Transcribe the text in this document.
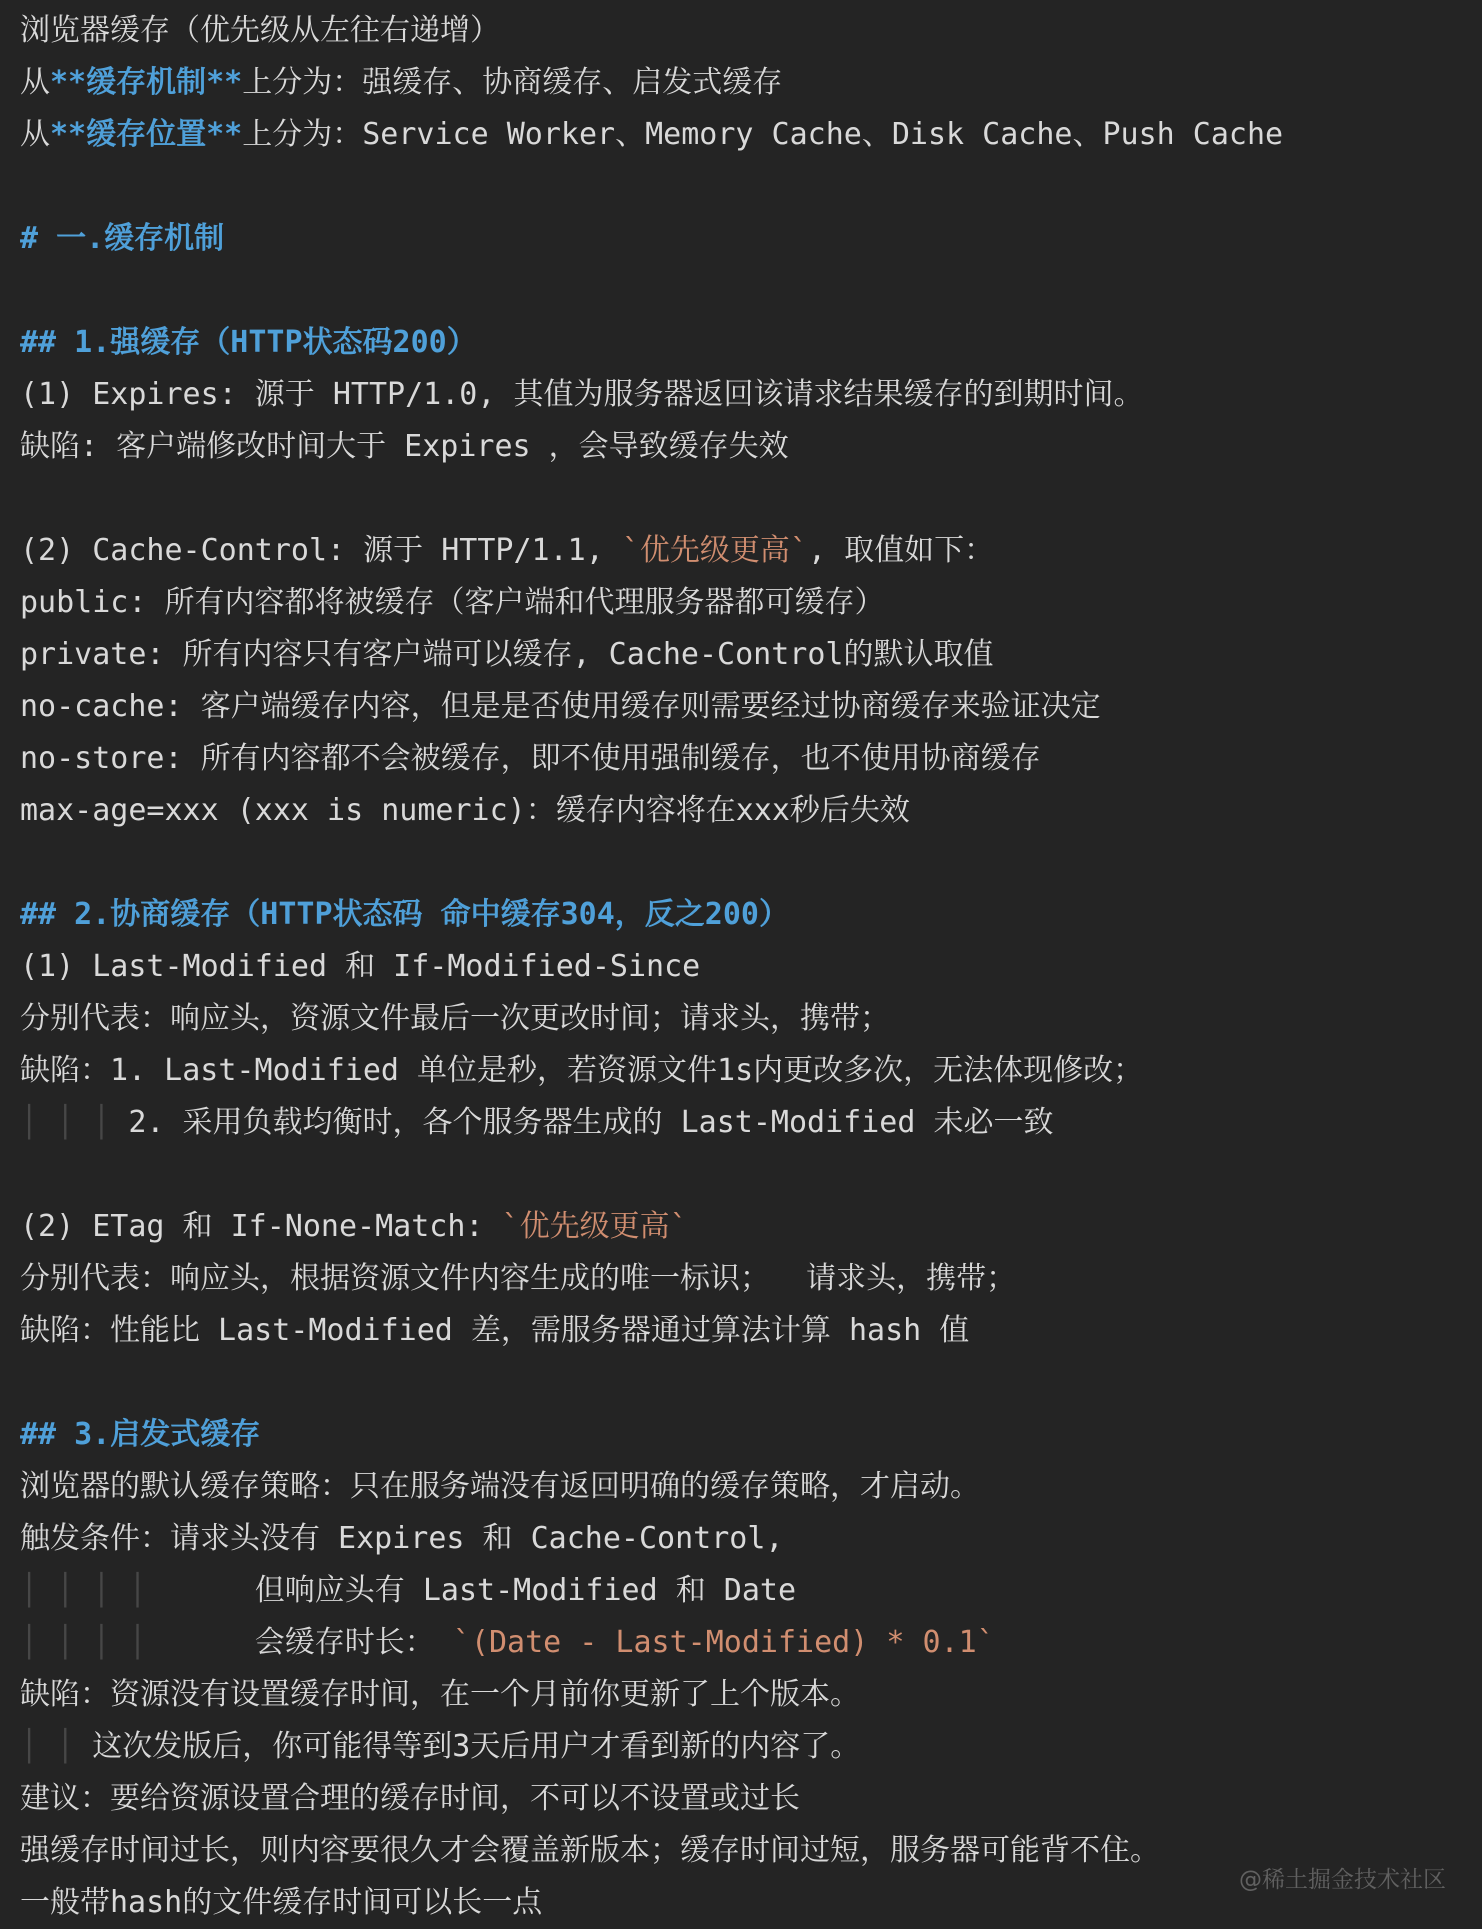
浏览器缓存（优先级从左往右递增）
从**缓存机制**上分为：强缓存、协商缓存、启发式缓存
从**缓存位置**上分为：Service Worker、Memory Cache、Disk Cache、Push Cache
# 一.缓存机制
## 1.强缓存（HTTP状态码200）
(1) Expires: 源于 HTTP/1.0, 其值为服务器返回该请求结果缓存的到期时间。
缺陷: 客户端修改时间大于 Expires ，会导致缓存失效
(2) Cache-Control: 源于 HTTP/1.1, `优先级更高`, 取值如下：
public: 所有内容都将被缓存（客户端和代理服务器都可缓存）
private: 所有内容只有客户端可以缓存, Cache-Control的默认取值
no-cache: 客户端缓存内容，但是是否使用缓存则需要经过协商缓存来验证决定
no-store: 所有内容都不会被缓存，即不使用强制缓存，也不使用协商缓存
max-age=xxx (xxx is numeric)：缓存内容将在xxx秒后失效
## 2.协商缓存（HTTP状态码 命中缓存304，反之200）
(1) Last-Modified 和 If-Modified-Since
分别代表：响应头，资源文件最后一次更改时间；请求头，携带；
缺陷：1. Last-Modified 单位是秒，若资源文件1s内更改多次，无法体现修改；
│ │ │ 2. 采用负载均衡时，各个服务器生成的 Last-Modified 未必一致
(2) ETag 和 If-None-Match: `优先级更高`
分别代表：响应头，根据资源文件内容生成的唯一标识；  请求头，携带；
缺陷：性能比 Last-Modified 差，需服务器通过算法计算 hash 值
## 3.启发式缓存
浏览器的默认缓存策略：只在服务端没有返回明确的缓存策略，才启动。
触发条件：请求头没有 Expires 和 Cache-Control,
│ │ │ │      但响应头有 Last-Modified 和 Date
│ │ │ │      会缓存时长： `(Date - Last-Modified) * 0.1`
缺陷：资源没有设置缓存时间，在一个月前你更新了上个版本。
│ │ 这次发版后，你可能得等到3天后用户才看到新的内容了。
建议：要给资源设置合理的缓存时间，不可以不设置或过长
强缓存时间过长，则内容要很久才会覆盖新版本；缓存时间过短，服务器可能背不住。
一般带hash的文件缓存时间可以长一点
@稀土掘金技术社区
